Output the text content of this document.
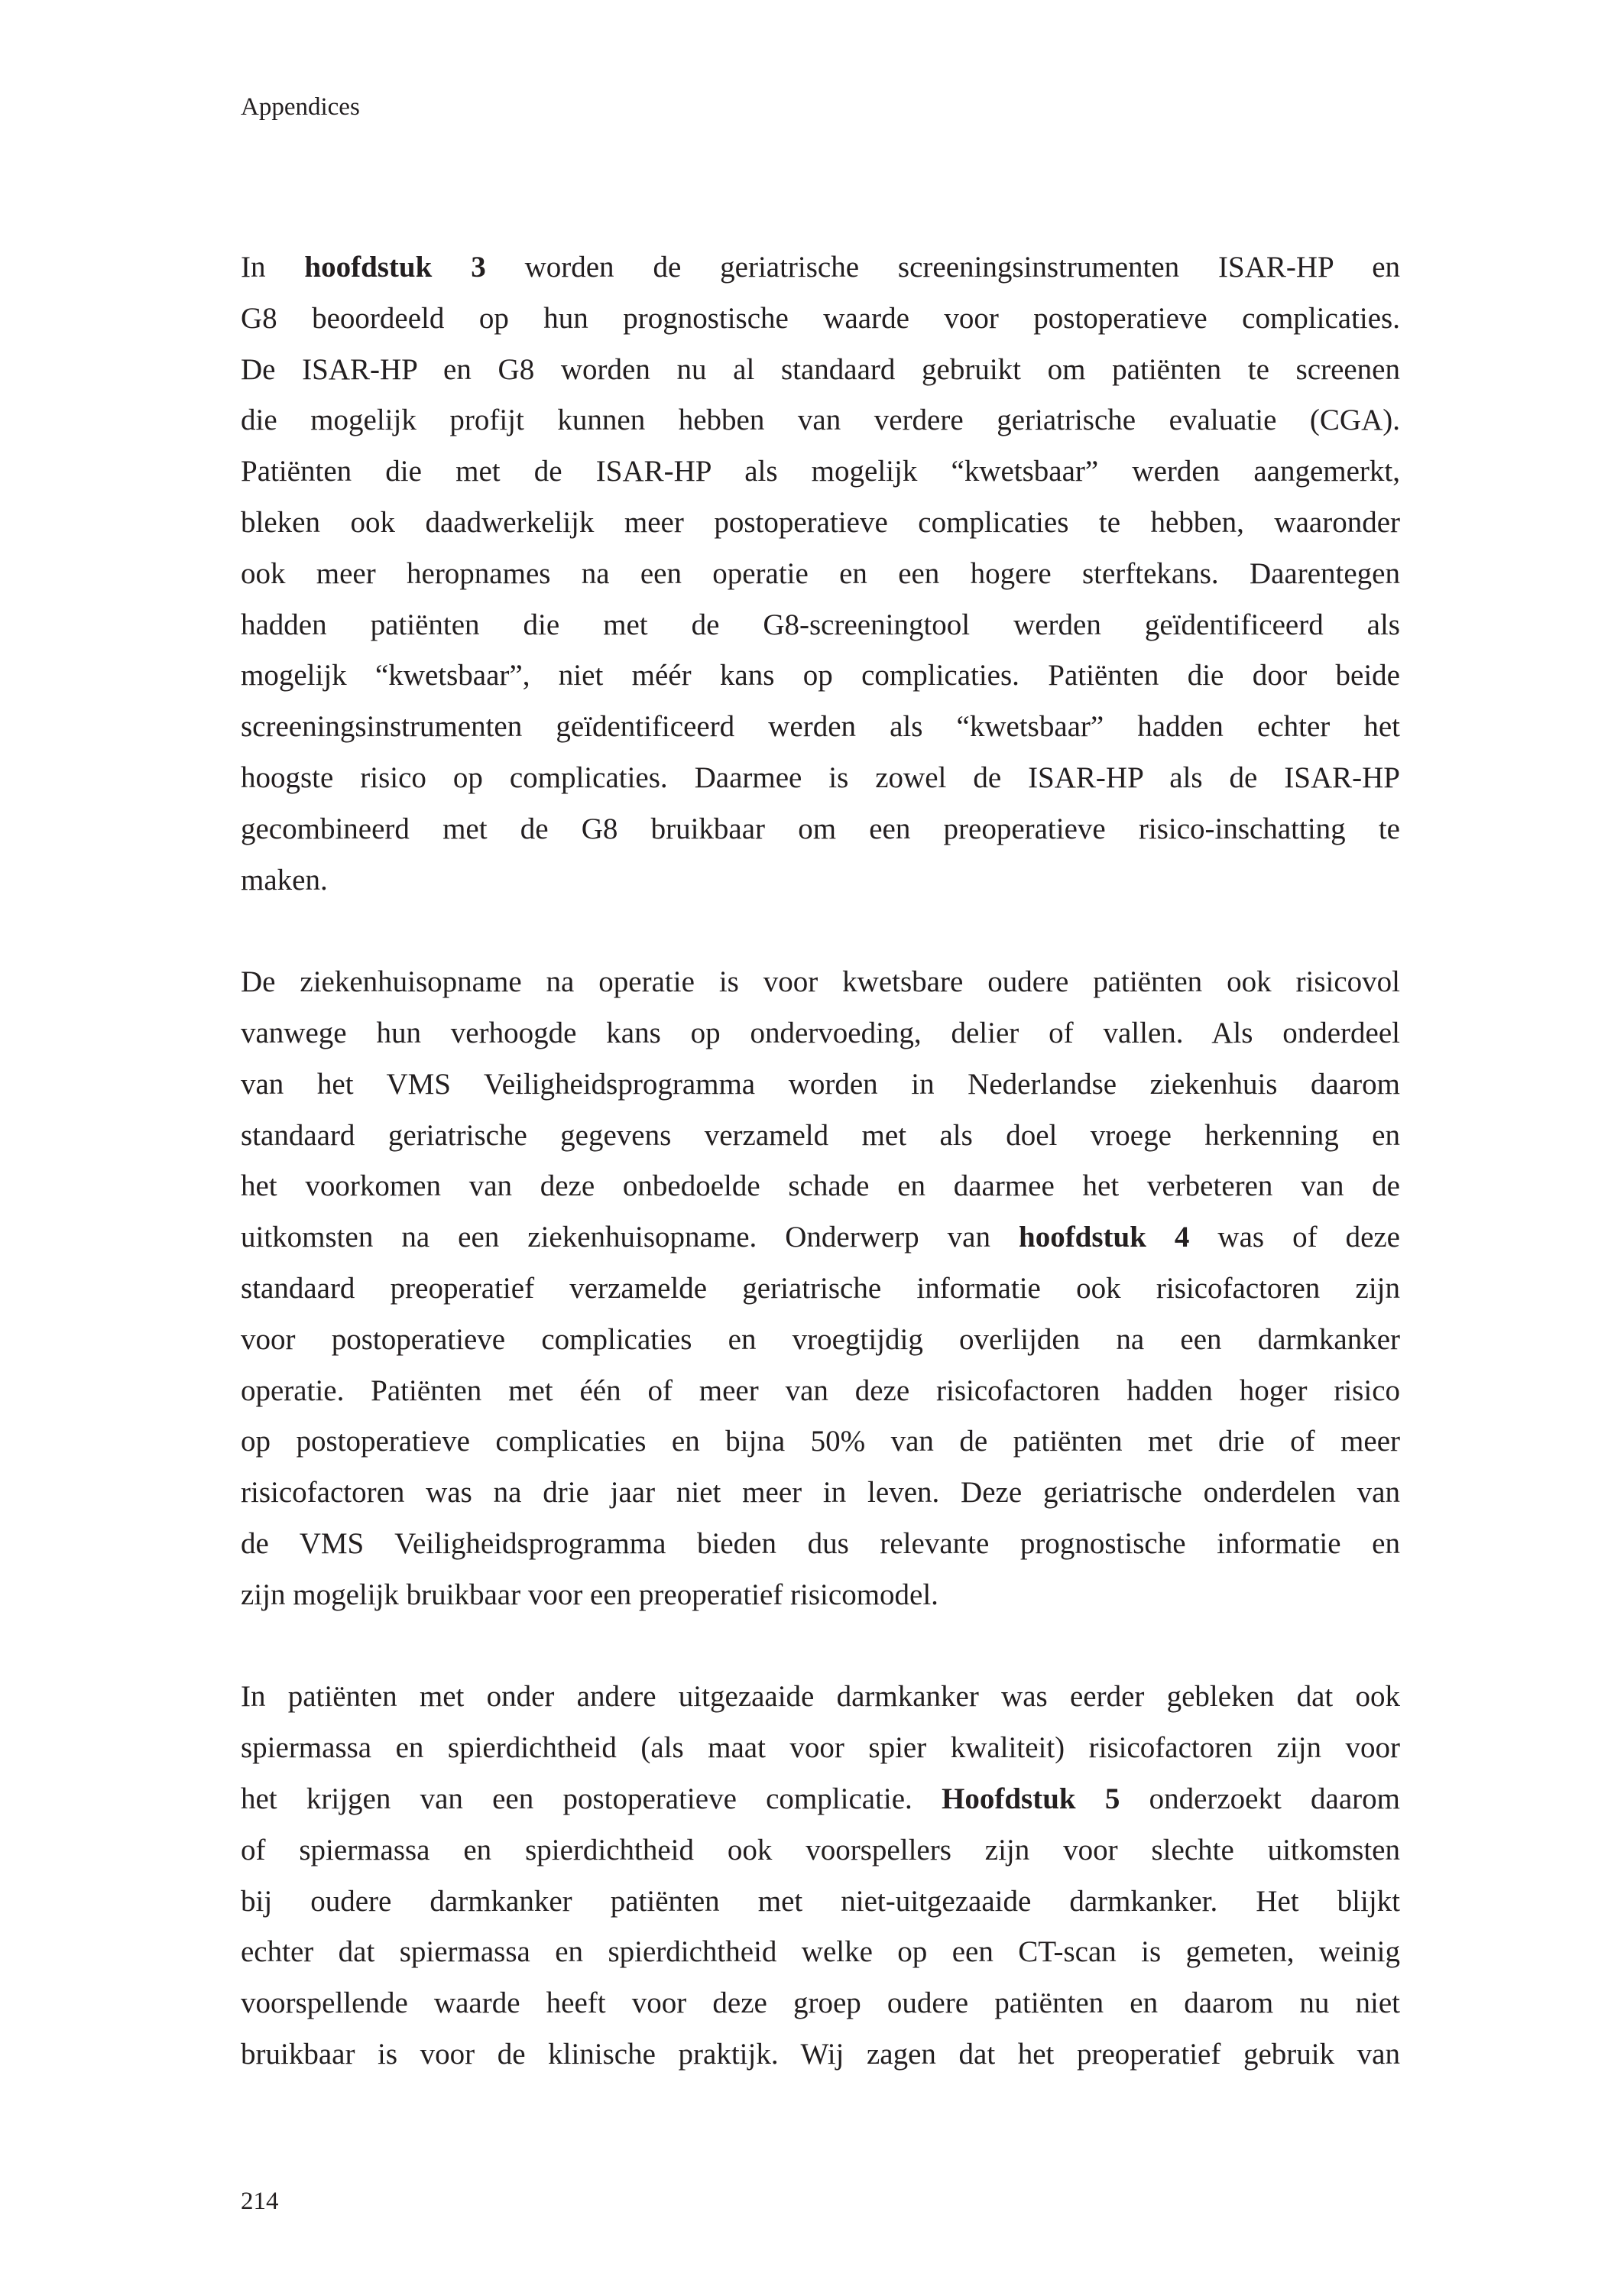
Appendices
In hoofdstuk 3 worden de geriatrische screeningsinstrumenten ISAR-HP en
G8 beoordeeld op hun prognostische waarde voor postoperatieve complicaties.
De ISAR-HP en G8 worden nu al standaard gebruikt om patiënten te screenen
die mogelijk profijt kunnen hebben van verdere geriatrische evaluatie (CGA).
Patiënten die met de ISAR-HP als mogelijk “kwetsbaar” werden aangemerkt,
bleken ook daadwerkelijk meer postoperatieve complicaties te hebben, waaronder
ook meer heropnames na een operatie en een hogere sterftekans. Daarentegen
hadden patiënten die met de G8-screeningtool werden geïdentificeerd als
mogelijk “kwetsbaar”, niet méér kans op complicaties. Patiënten die door beide
screeningsinstrumenten geïdentificeerd werden als “kwetsbaar” hadden echter het
hoogste risico op complicaties. Daarmee is zowel de ISAR-HP als de ISAR-HP
gecombineerd met de G8 bruikbaar om een preoperatieve risico-inschatting te
maken.
De ziekenhuisopname na operatie is voor kwetsbare oudere patiënten ook risicovol
vanwege hun verhoogde kans op ondervoeding, delier of vallen. Als onderdeel
van het VMS Veiligheidsprogramma worden in Nederlandse ziekenhuis daarom
standaard geriatrische gegevens verzameld met als doel vroege herkenning en
het voorkomen van deze onbedoelde schade en daarmee het verbeteren van de
uitkomsten na een ziekenhuisopname. Onderwerp van hoofdstuk 4 was of deze
standaard preoperatief verzamelde geriatrische informatie ook risicofactoren zijn
voor postoperatieve complicaties en vroegtijdig overlijden na een darmkanker
operatie. Patiënten met één of meer van deze risicofactoren hadden hoger risico
op postoperatieve complicaties en bijna 50% van de patiënten met drie of meer
risicofactoren was na drie jaar niet meer in leven. Deze geriatrische onderdelen van
de VMS Veiligheidsprogramma bieden dus relevante prognostische informatie en
zijn mogelijk bruikbaar voor een preoperatief risicomodel.
In patiënten met onder andere uitgezaaide darmkanker was eerder gebleken dat ook
spiermassa en spierdichtheid (als maat voor spier kwaliteit) risicofactoren zijn voor
het krijgen van een postoperatieve complicatie. Hoofdstuk 5 onderzoekt daarom
of spiermassa en spierdichtheid ook voorspellers zijn voor slechte uitkomsten
bij oudere darmkanker patiënten met niet-uitgezaaide darmkanker. Het blijkt
echter dat spiermassa en spierdichtheid welke op een CT-scan is gemeten, weinig
voorspellende waarde heeft voor deze groep oudere patiënten en daarom nu niet
bruikbaar is voor de klinische praktijk. Wij zagen dat het preoperatief gebruik van
214
